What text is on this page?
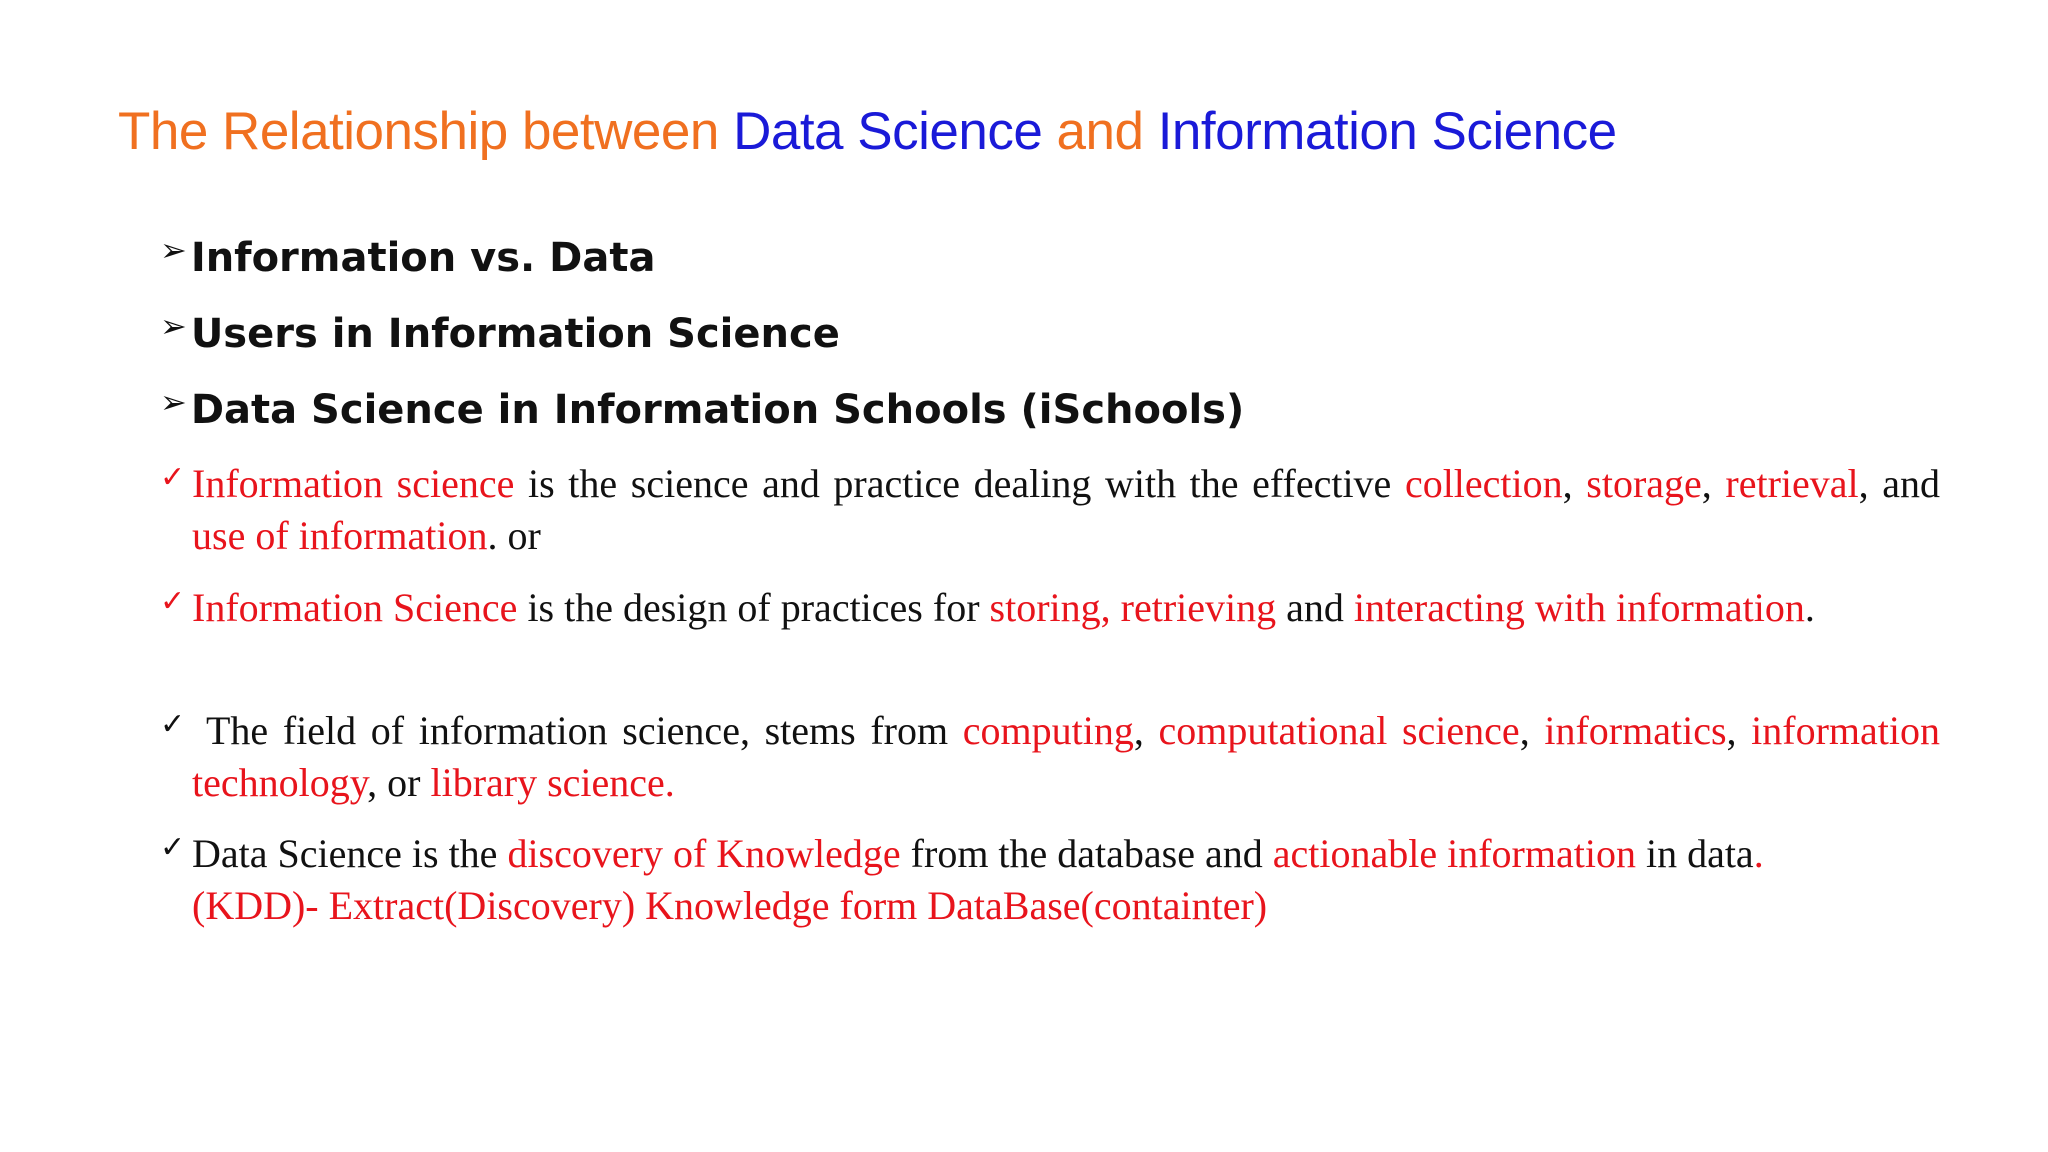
The Relationship between Data Science and Information Science
➢ Information vs. Data
➢ Users in Information Science
➢ Data Science in Information Schools (iSchools)
✓ Information science is the science and practice dealing with the effective collection, storage, retrieval, and use of information. or
✓ Information Science is the design of practices for storing, retrieving and interacting with information.
✓ The field of information science, stems from computing, computational science, informatics, information technology, or library science.
✓ Data Science is the discovery of Knowledge from the database and actionable information in data.
(KDD)- Extract(Discovery) Knowledge form DataBase(containter)
